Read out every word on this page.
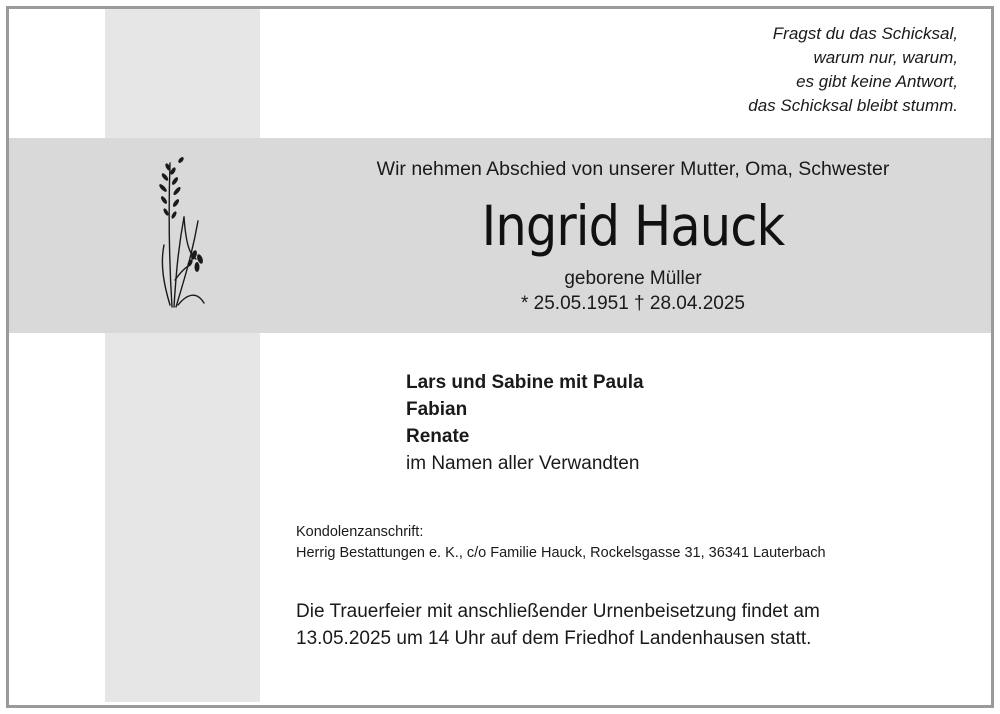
Fragst du das Schicksal,
warum nur, warum,
es gibt keine Antwort,
das Schicksal bleibt stumm.
Wir nehmen Abschied von unserer Mutter, Oma, Schwester
Ingrid Hauck
geborene Müller
* 25.05.1951 † 28.04.2025
Lars und Sabine mit Paula
Fabian
Renate
im Namen aller Verwandten
Kondolenzanschrift:
Herrig Bestattungen e. K., c/o Familie Hauck, Rockelsgasse 31, 36341 Lauterbach
Die Trauerfeier mit anschließender Urnenbeisetzung findet am
13.05.2025 um 14 Uhr auf dem Friedhof Landenhausen statt.
